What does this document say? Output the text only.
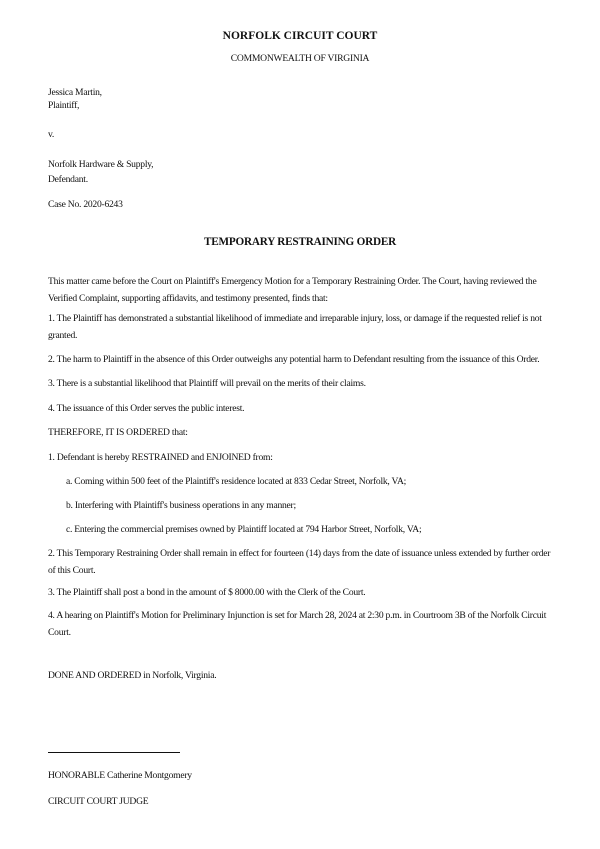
NORFOLK CIRCUIT COURT
COMMONWEALTH OF VIRGINIA
Jessica Martin,
Plaintiff,
v.
Norfolk Hardware & Supply,
Defendant.
Case No. 2020-6243
TEMPORARY RESTRAINING ORDER
This matter came before the Court on Plaintiff's Emergency Motion for a Temporary Restraining Order. The Court, having reviewed the Verified Complaint, supporting affidavits, and testimony presented, finds that:
1. The Plaintiff has demonstrated a substantial likelihood of immediate and irreparable injury, loss, or damage if the requested relief is not granted.
2. The harm to Plaintiff in the absence of this Order outweighs any potential harm to Defendant resulting from the issuance of this Order.
3. There is a substantial likelihood that Plaintiff will prevail on the merits of their claims.
4. The issuance of this Order serves the public interest.
THEREFORE, IT IS ORDERED that:
1. Defendant is hereby RESTRAINED and ENJOINED from:
a. Coming within 500 feet of the Plaintiff's residence located at 833 Cedar Street, Norfolk, VA;
b. Interfering with Plaintiff's business operations in any manner;
c. Entering the commercial premises owned by Plaintiff located at 794 Harbor Street, Norfolk, VA;
2. This Temporary Restraining Order shall remain in effect for fourteen (14) days from the date of issuance unless extended by further order of this Court.
3. The Plaintiff shall post a bond in the amount of $ 8000.00 with the Clerk of the Court.
4. A hearing on Plaintiff's Motion for Preliminary Injunction is set for March 28, 2024 at 2:30 p.m. in Courtroom 3B of the Norfolk Circuit Court.
DONE AND ORDERED in Norfolk, Virginia.
HONORABLE Catherine Montgomery
CIRCUIT COURT JUDGE
